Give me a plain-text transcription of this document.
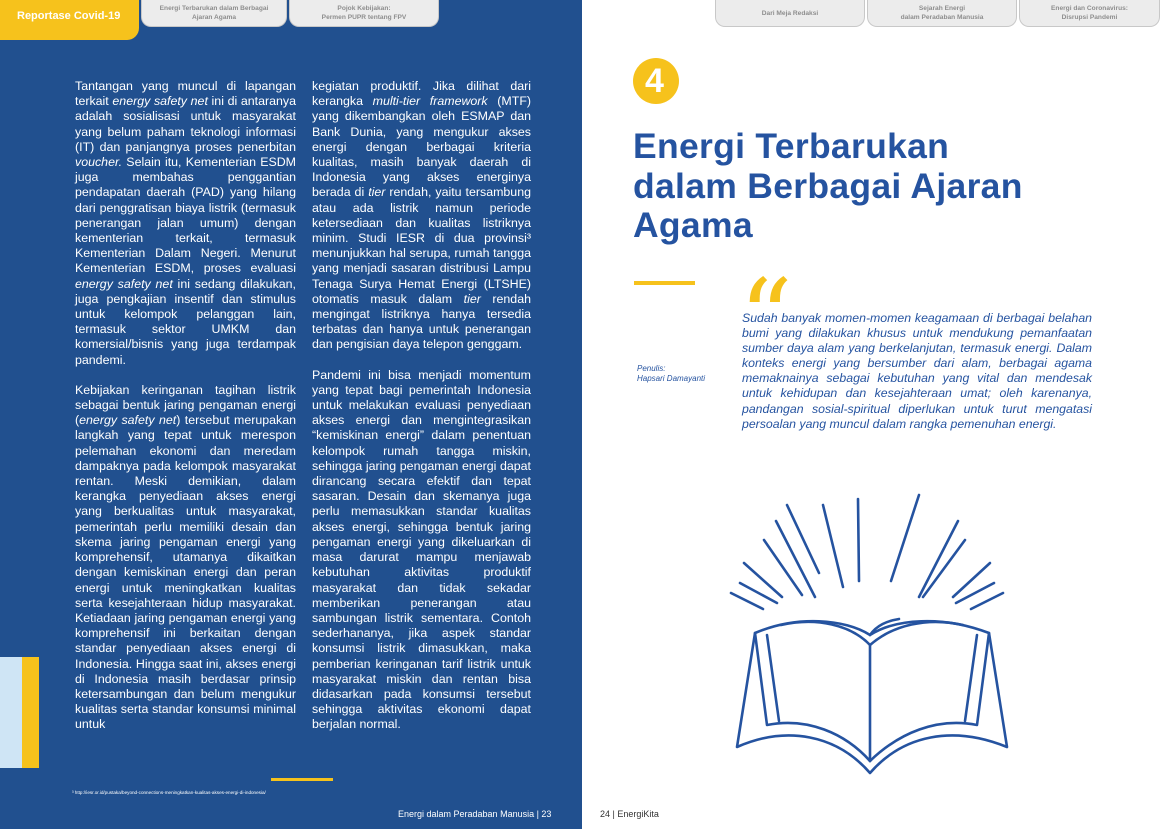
Reportase Covid-19
Energi Terbarukan dalam Berbagai
Ajaran Agama
Pojok Kebijakan:
Permen PUPR tentang FPV

Tantangan yang muncul di lapangan terkait energy safety net ini di antaranya adalah sosialisasi untuk masyarakat yang belum paham teknologi informasi (IT) dan panjangnya proses penerbitan voucher. Selain itu, Kementerian ESDM juga membahas penggantian pendapatan daerah (PAD) yang hilang dari penggratisan biaya listrik (termasuk penerangan jalan umum) dengan kementerian terkait, termasuk Kementerian Dalam Negeri. Menurut Kementerian ESDM, proses evaluasi energy safety net ini sedang dilakukan, juga pengkajian insentif dan stimulus untuk kelompok pelanggan lain, termasuk sektor UMKM dan komersial/bisnis yang juga terdampak pandemi.

Kebijakan keringanan tagihan listrik sebagai bentuk jaring pengaman energi (energy safety net) tersebut merupakan langkah yang tepat untuk merespon pelemahan ekonomi dan meredam dampaknya pada kelompok masyarakat rentan. Meski demikian, dalam kerangka penyediaan akses energi yang berkualitas untuk masyarakat, pemerintah perlu memiliki desain dan skema jaring pengaman energi yang komprehensif, utamanya dikaitkan dengan kemiskinan energi dan peran energi untuk meningkatkan kualitas serta kesejahteraan hidup masyarakat. Ketiadaan jaring pengaman energi yang komprehensif ini berkaitan dengan standar penyediaan akses energi di Indonesia. Hingga saat ini, akses energi di Indonesia masih berdasar prinsip ketersambungan dan belum mengukur kualitas serta standar konsumsi minimal untuk

kegiatan produktif. Jika dilihat dari kerangka multi-tier framework (MTF) yang dikembangkan oleh ESMAP dan Bank Dunia, yang mengukur akses energi dengan berbagai kriteria kualitas, masih banyak daerah di Indonesia yang akses energinya berada di tier rendah, yaitu tersambung atau ada listrik namun periode ketersediaan dan kualitas listriknya minim. Studi IESR di dua provinsi³ menunjukkan hal serupa, rumah tangga yang menjadi sasaran distribusi Lampu Tenaga Surya Hemat Energi (LTSHE) otomatis masuk dalam tier rendah mengingat listriknya hanya tersedia terbatas dan hanya untuk penerangan dan pengisian daya telepon genggam.

Pandemi ini bisa menjadi momentum yang tepat bagi pemerintah Indonesia untuk melakukan evaluasi penyediaan akses energi dan mengintegrasikan “kemiskinan energi” dalam penentuan kelompok rumah tangga miskin, sehingga jaring pengaman energi dapat dirancang secara efektif dan tepat sasaran. Desain dan skemanya juga perlu memasukkan standar kualitas akses energi, sehingga bentuk jaring pengaman energi yang dikeluarkan di masa darurat mampu menjawab kebutuhan aktivitas produktif masyarakat dan tidak sekadar memberikan penerangan atau sambungan listrik sementara. Contoh sederhananya, jika aspek standar konsumsi listrik dimasukkan, maka pemberian keringanan tarif listrik untuk masyarakat miskin dan rentan bisa didasarkan pada konsumsi tersebut sehingga aktivitas ekonomi dapat berjalan normal.

³ http://iesr.or.id/pustaka/beyond-connections-meningkatkan-kualitas-akses-energi-di-indonesia/
Energi dalam Peradaban Manusia | 23
Dari Meja Redaksi
Sejarah Energi
dalam Peradaban Manusia
Energi dan Coronavirus:
Disrupsi Pandemi
4
Energi Terbarukan dalam Berbagai Ajaran Agama
“
Sudah banyak momen-momen keagamaan di berbagai belahan bumi yang dilakukan khusus untuk mendukung pemanfaatan sumber daya alam yang berkelanjutan, termasuk energi. Dalam konteks energi yang bersumber dari alam, berbagai agama memaknainya sebagai kebutuhan yang vital dan mendesak untuk kehidupan dan kesejahteraan umat; oleh karenanya, pandangan sosial-spiritual diperlukan untuk turut mengatasi persoalan yang muncul dalam rangka pemenuhan energi.
Penulis:
Hapsari Damayanti
24 | EnergiKita
